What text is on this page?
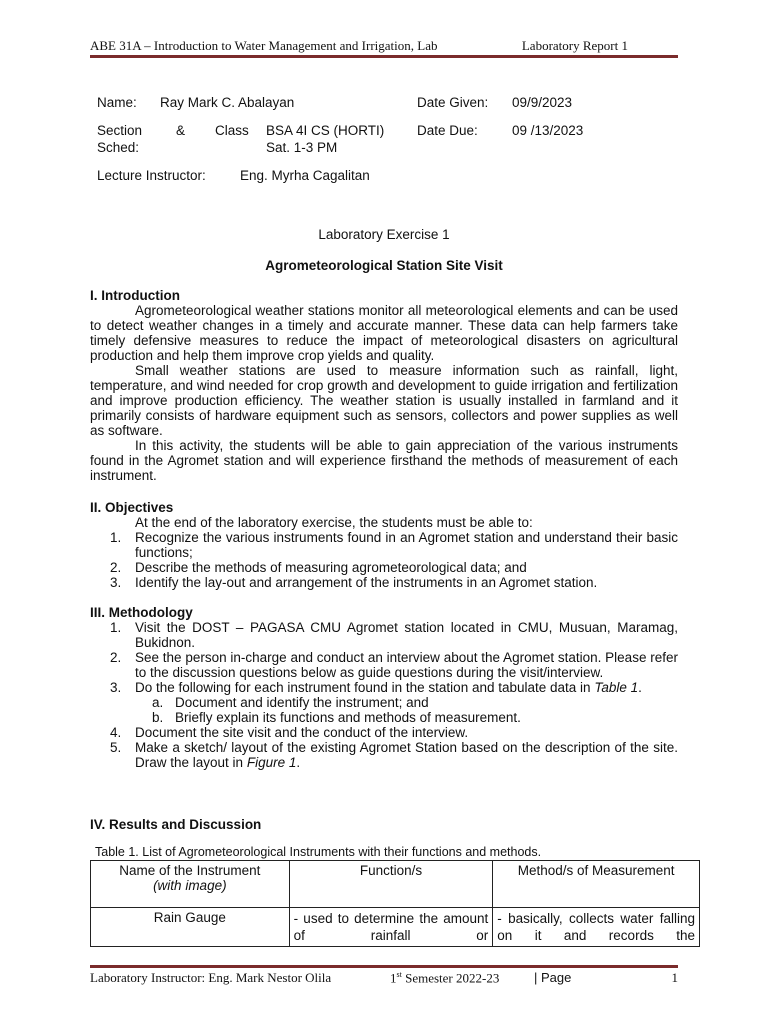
ABE 31A – Introduction to Water Management and Irrigation, Lab	Laboratory Report 1
Name: Ray Mark C. Abalayan	Date Given: 09/9/2023
Section	& Class BSA 4I CS (HORTI) Date Due:	09 /13/2023
Sched:	Sat. 1-3 PM
Lecture Instructor:	Eng. Myrha Cagalitan
Laboratory Exercise 1
Agrometeorological Station Site Visit
I. Introduction

Agrometeorological weather stations monitor all meteorological elements and can be used to detect weather changes in a timely and accurate manner. These data can help farmers take timely defensive measures to reduce the impact of meteorological disasters on agricultural production and help them improve crop yields and quality.

Small weather stations are used to measure information such as rainfall, light, temperature, and wind needed for crop growth and development to guide irrigation and fertilization and improve production efficiency. The weather station is usually installed in farmland and it primarily consists of hardware equipment such as sensors, collectors and power supplies as well as software.

In this activity, the students will be able to gain appreciation of the various instruments found in the Agromet station and will experience firsthand the methods of measurement of each instrument.

II. Objectives

At the end of the laboratory exercise, the students must be able to:

1. Recognize the various instruments found in an Agromet station and understand their basic functions;
2. Describe the methods of measuring agrometeorological data; and
3. Identify the lay-out and arrangement of the instruments in an Agromet station.
III. Methodology
1. Visit the DOST – PAGASA CMU Agromet station located in CMU, Musuan, Maramag, Bukidnon.
2. See the person in-charge and conduct an interview about the Agromet station. Please refer to the discussion questions below as guide questions during the visit/interview.
3. Do the following for each instrument found in the station and tabulate data in Table 1.
a. Document and identify the instrument; and
b. Briefly explain its functions and methods of measurement.
4. Document the site visit and the conduct of the interview.
5. Make a sketch/ layout of the existing Agromet Station based on the description of the site. Draw the layout in Figure 1.
IV. Results and Discussion
Table 1. List of Agrometeorological Instruments with their functions and methods.
Name of the Instrument
(with image)	Function/s	Method/s of Measurement
Rain Gauge	- used to determine the amount of rainfall or	- basically, collects water falling on it and records the
Laboratory Instructor: Eng. Mark Nestor Olila	1st Semester 2022-23	| Page	1
